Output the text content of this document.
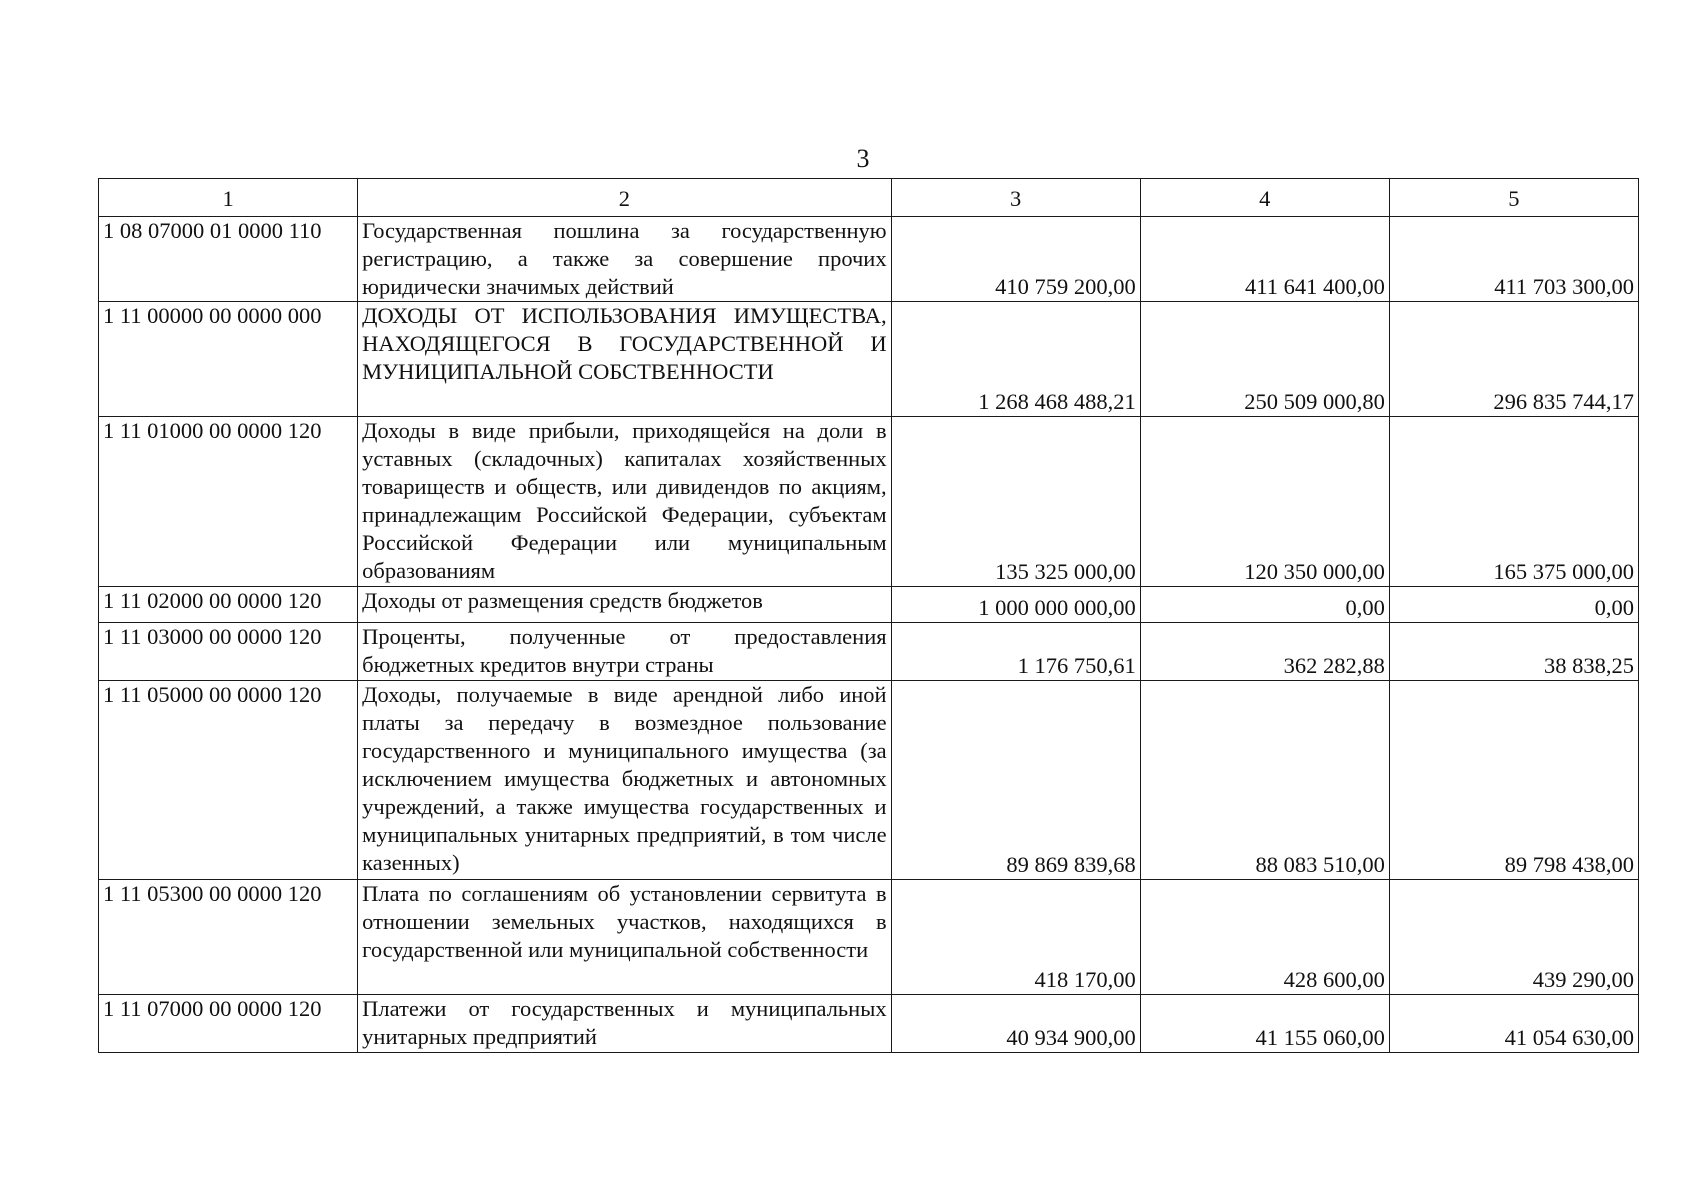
3
1	2	3	4	5
1 08 07000 01 0000 110	Государственная пошлина за государственную регистрацию, а также за совершение прочих юридически значимых действий	410 759 200,00	411 641 400,00	411 703 300,00
1 11 00000 00 0000 000	ДОХОДЫ ОТ ИСПОЛЬЗОВАНИЯ ИМУЩЕСТВА, НАХОДЯЩЕГОСЯ В ГОСУДАРСТВЕННОЙ И МУНИЦИПАЛЬНОЙ СОБСТВЕННОСТИ	1 268 468 488,21	250 509 000,80	296 835 744,17
1 11 01000 00 0000 120	Доходы в виде прибыли, приходящейся на доли в уставных (складочных) капиталах хозяйственных товариществ и обществ, или дивидендов по акциям, принадлежащим Российской Федерации, субъектам Российской Федерации или муниципальным образованиям	135 325 000,00	120 350 000,00	165 375 000,00
1 11 02000 00 0000 120	Доходы от размещения средств бюджетов	1 000 000 000,00	0,00	0,00
1 11 03000 00 0000 120	Проценты, полученные от предоставления бюджетных кредитов внутри страны	1 176 750,61	362 282,88	38 838,25
1 11 05000 00 0000 120	Доходы, получаемые в виде арендной либо иной платы за передачу в возмездное пользование государственного и муниципального имущества (за исключением имущества бюджетных и автономных учреждений, а также имущества государственных и муниципальных унитарных предприятий, в том числе казенных)	89 869 839,68	88 083 510,00	89 798 438,00
1 11 05300 00 0000 120	Плата по соглашениям об установлении сервитута в отношении земельных участков, находящихся в государственной или муниципальной собственности	418 170,00	428 600,00	439 290,00
1 11 07000 00 0000 120	Платежи от государственных и муниципальных унитарных предприятий	40 934 900,00	41 155 060,00	41 054 630,00
